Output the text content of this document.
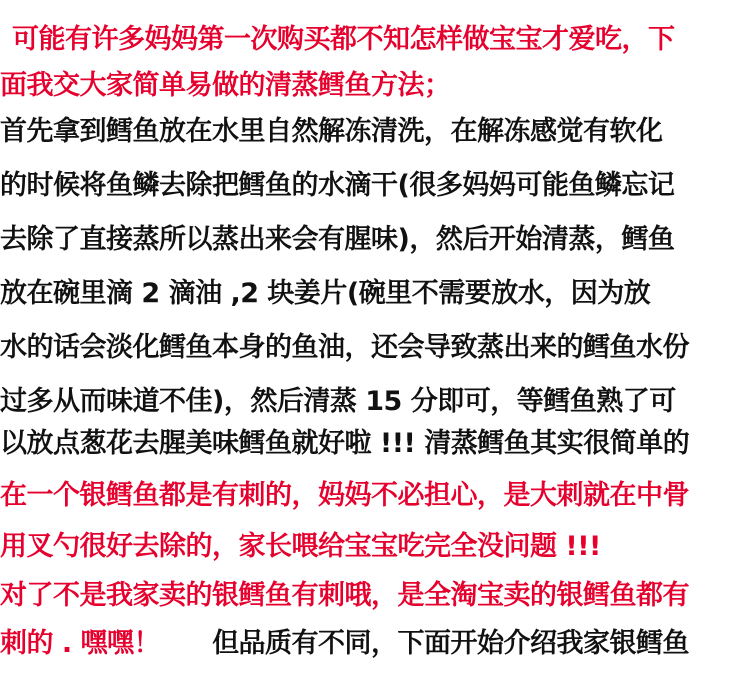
可能有许多妈妈第一次购买都不知怎样做宝宝才爱吃，下
面我交大家简单易做的清蒸鳕鱼方法；
首先拿到鳕鱼放在水里自然解冻清洗，在解冻感觉有软化
的时候将鱼鳞去除把鳕鱼的水滴干(很多妈妈可能鱼鳞忘记
去除了直接蒸所以蒸出来会有腥味)，然后开始清蒸，鳕鱼
放在碗里滴 2 滴油 ,2 块姜片(碗里不需要放水，因为放
水的话会淡化鳕鱼本身的鱼油，还会导致蒸出来的鳕鱼水份
过多从而味道不佳)，然后清蒸 15 分即可，等鳕鱼熟了可
以放点葱花去腥美味鳕鱼就好啦 !!! 清蒸鳕鱼其实很简单的
在一个银鳕鱼都是有刺的，妈妈不必担心，是大刺就在中骨
用叉勺很好去除的，家长喂给宝宝吃完全没问题 !!!
对了不是我家卖的银鳕鱼有刺哦，是全淘宝卖的银鳕鱼都有
刺的 . 嘿嘿！ 但品质有不同，下面开始介绍我家银鳕鱼
